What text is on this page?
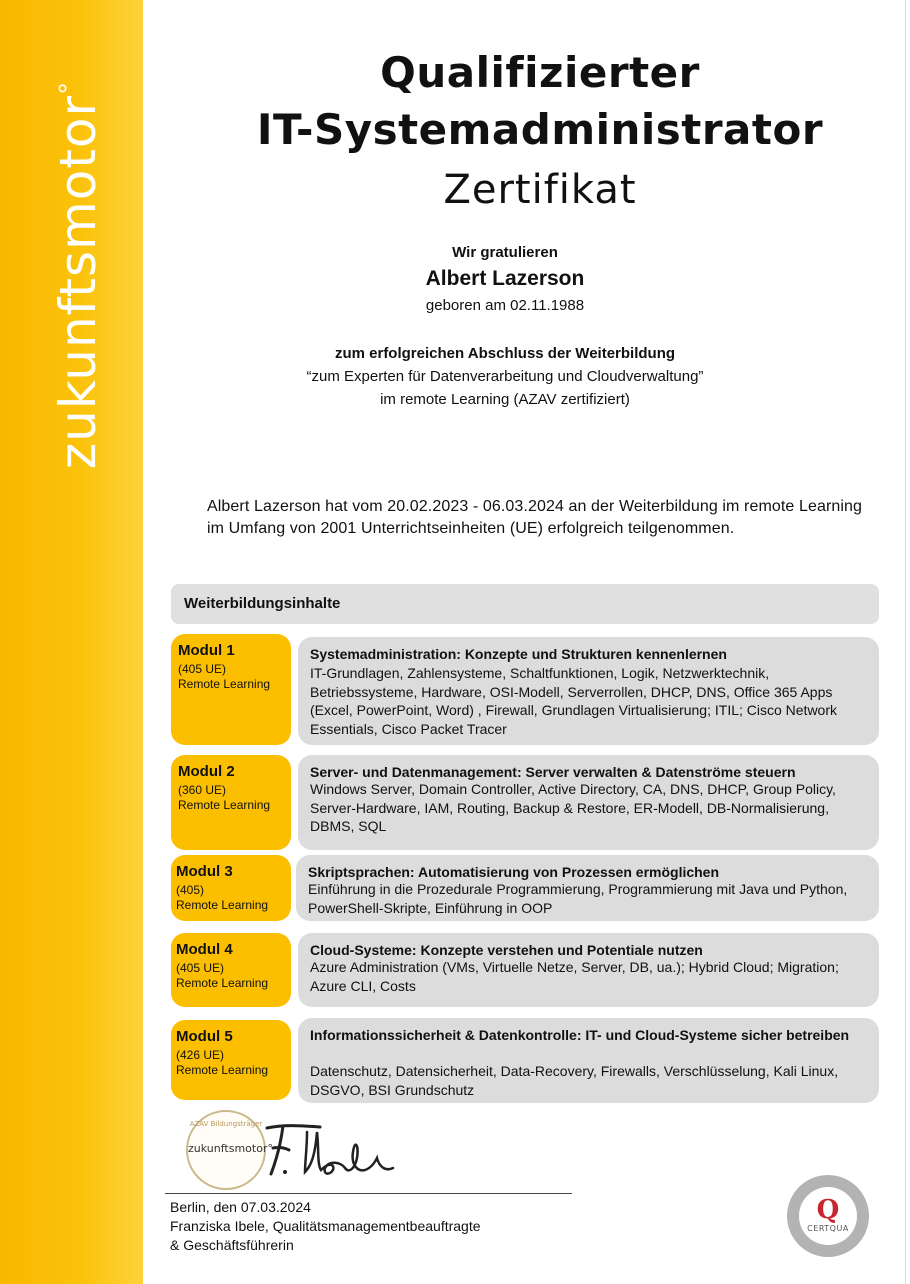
zukunftsmotor°	Qualifizierter
IT-Systemadministrator
Zertifikat
Wir gratulieren
Albert Lazerson
geboren am 02.11.1988
zum erfolgreichen Abschluss der Weiterbildung
“zum Experten für Datenverarbeitung und Cloudverwaltung”
im remote Learning (AZAV zertifiziert)
Albert Lazerson hat vom 20.02.2023 - 06.03.2024 an der Weiterbildung im remote Learning im Umfang von 2001 Unterrichtseinheiten (UE) erfolgreich teilgenommen.
Weiterbildungsinhalte
Modul 1
(405 UE)
Remote Learning
Systemadministration: Konzepte und Strukturen kennenlernen
IT-Grundlagen, Zahlensysteme, Schaltfunktionen, Logik, Netzwerktechnik, Betriebssysteme, Hardware, OSI-Modell, Serverrollen, DHCP, DNS, Office 365 Apps (Excel, PowerPoint, Word) , Firewall, Grundlagen Virtualisierung; ITIL; Cisco Network Essentials, Cisco Packet Tracer
Modul 2
(360 UE)
Remote Learning
Server- und Datenmanagement: Server verwalten & Datenströme steuern
Windows Server, Domain Controller, Active Directory, CA, DNS, DHCP, Group Policy, Server-Hardware, IAM, Routing, Backup & Restore, ER-Modell, DB-Normalisierung, DBMS, SQL
Modul 3
(405)
Remote Learning
Skriptsprachen: Automatisierung von Prozessen ermöglichen
Einführung in die Prozedurale Programmierung, Programmierung mit Java und Python, PowerShell-Skripte, Einführung in OOP
Modul 4
(405 UE)
Remote Learning
Cloud-Systeme: Konzepte verstehen und Potentiale nutzen
Azure Administration (VMs, Virtuelle Netze, Server, DB, ua.); Hybrid Cloud; Migration; Azure CLI, Costs
Modul 5
(426 UE)
Remote Learning
Informationssicherheit & Datenkontrolle: IT- und Cloud-Systeme sicher betreiben
Datenschutz, Datensicherheit, Data-Recovery, Firewalls, Verschlüsselung, Kali Linux, DSGVO, BSI Grundschutz
AZAV Bildungsträger
zukunftsmotor°
Berlin, den 07.03.2024
Franziska Ibele, Qualitätsmanagementbeauftragte
& Geschäftsführerin
Q
CERTQUA
